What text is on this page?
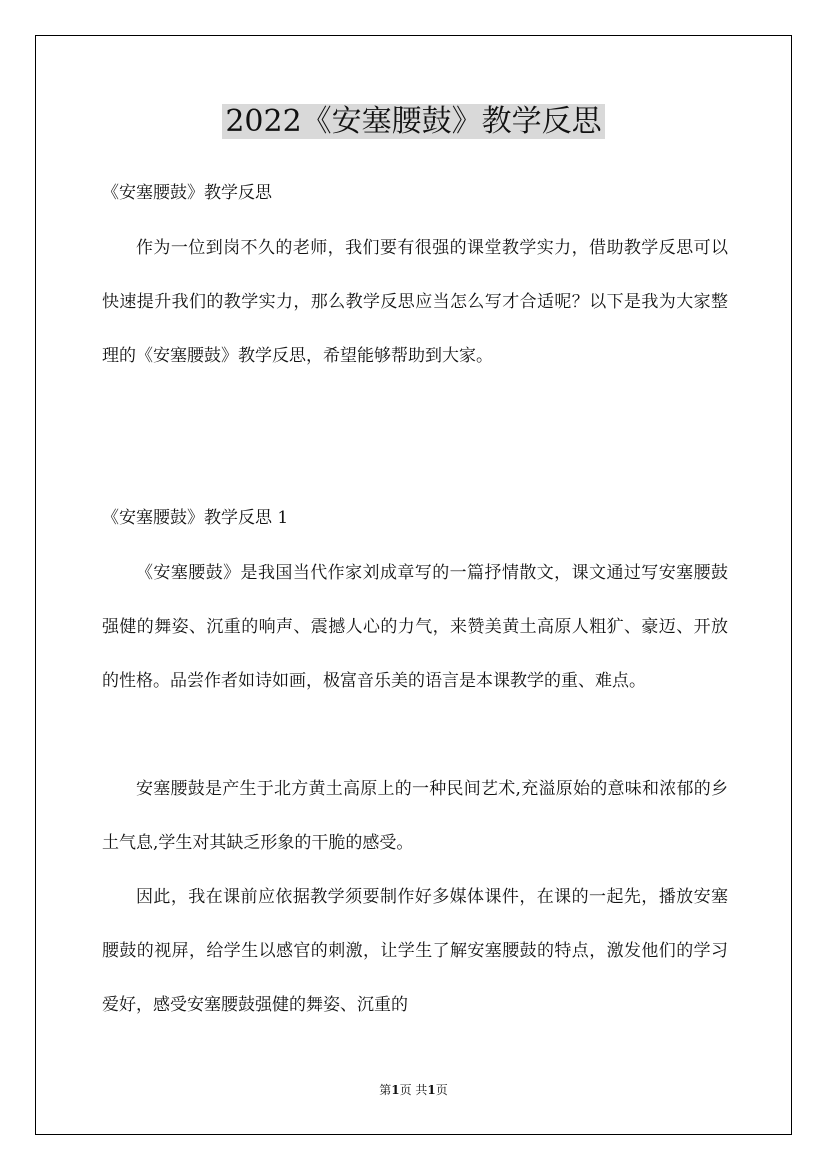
2022《安塞腰鼓》教学反思

《安塞腰鼓》教学反思

作为一位到岗不久的老师，我们要有很强的课堂教学实力，借助教学反思可以快速提升我们的教学实力，那么教学反思应当怎么写才合适呢？以下是我为大家整理的《安塞腰鼓》教学反思，希望能够帮助到大家。

《安塞腰鼓》教学反思 1

《安塞腰鼓》是我国当代作家刘成章写的一篇抒情散文，课文通过写安塞腰鼓强健的舞姿、沉重的响声、震撼人心的力气，来赞美黄土高原人粗犷、豪迈、开放的性格。品尝作者如诗如画，极富音乐美的语言是本课教学的重、难点。

安塞腰鼓是产生于北方黄土高原上的一种民间艺术,充溢原始的意味和浓郁的乡土气息,学生对其缺乏形象的干脆的感受。

因此，我在课前应依据教学须要制作好多媒体课件，在课的一起先，播放安塞腰鼓的视屏，给学生以感官的刺激，让学生了解安塞腰鼓的特点，激发他们的学习爱好，感受安塞腰鼓强健的舞姿、沉重的

第1页 共1页
